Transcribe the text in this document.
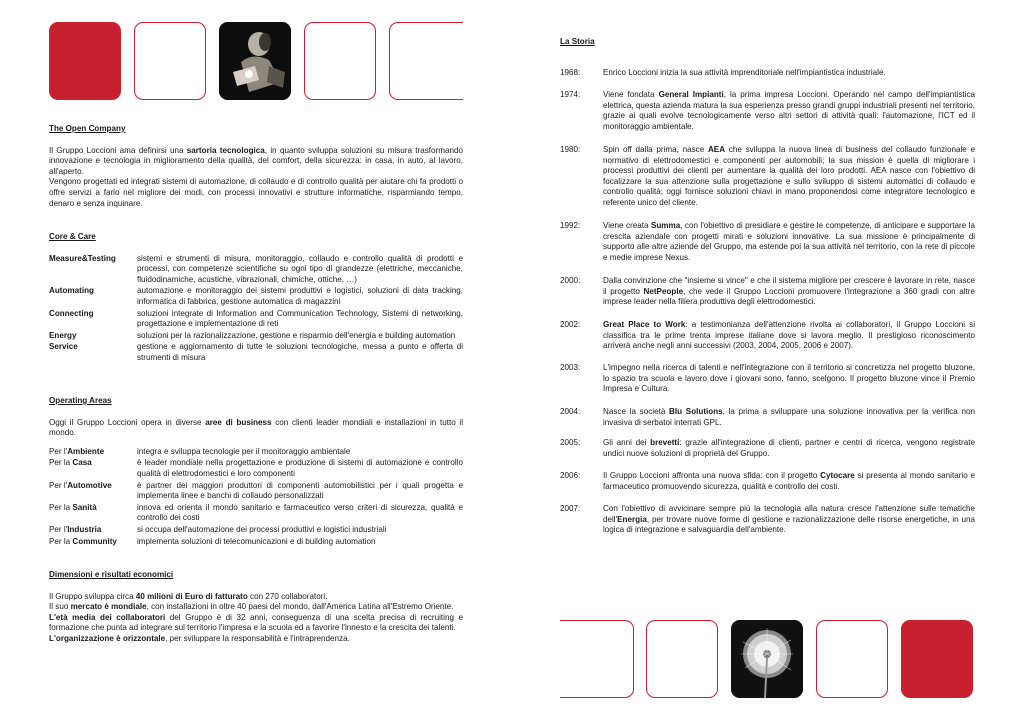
The Open Company

Il Gruppo Loccioni ama definirsi una sartoria tecnologica, in quanto sviluppa soluzioni su misura trasformando innovazione e tecnologia in miglioramento della qualità, del comfort, della sicurezza: in casa, in auto, al lavoro, all'aperto.

Vengono progettati ed integrati sistemi di automazione, di collaudo e di controllo qualità per aiutare chi fa prodotti o offre servizi a farlo nel migliore dei modi, con processi innovativi e strutture informatiche, risparmiando tempo, denaro e senza inquinare.

Core & Care
Measure&Testing	sistemi e strumenti di misura, monitoraggio, collaudo e controllo qualità di prodotti e processi, con competenze scientifiche su ogni tipo di grandezze (elettriche, meccaniche, fluidodinamiche, acustiche, vibrazionali, chimiche, ottiche, …)
Automating	automazione e monitoraggio dei sistemi produttivi e logistici, soluzioni di data tracking, informatica di fabbrica, gestione automatica di magazzini
Connecting	soluzioni integrate di Information and Communication Technology, Sistemi di networking, progettazione e implementazione di reti
Energy	soluzioni per la razionalizzazione, gestione e risparmio dell'energia e building automation
Service	gestione e aggiornamento di tutte le soluzioni tecnologiche, messa a punto e offerta di strumenti di misura
Operating Areas

Oggi il Gruppo Loccioni opera in diverse aree di business con clienti leader mondiali e installazioni in tutto il mondo.

Per l'Ambiente	integra e sviluppa tecnologie per il monitoraggio ambientale
Per la Casa	è leader mondiale nella progettazione e produzione di sistemi di automazione e controllo qualità di elettrodomestici e loro componenti
Per l'Automotive	è partner dei maggiori produttori di componenti automobilistici per i quali progetta e implementa linee e banchi di collaudo personalizzati
Per la Sanità	innova ed orienta il mondo sanitario e farmaceutico verso criteri di sicurezza, qualità e controllo dei costi
Per l'Industria	si occupa dell'automazione dei processi produttivi e logistici industriali
Per la Community	implementa soluzioni di telecomunicazioni e di building automation
Dimensioni e risultati economici

Il Gruppo sviluppa circa 40 milioni di Euro di fatturato con 270 collaboratori.

Il suo mercato è mondiale, con installazioni in oltre 40 paesi del mondo, dall'America Latina all'Estremo Oriente.

L'età media dei collaboratori del Gruppo è di 32 anni, conseguenza di una scelta precisa di recruiting e formazione che punta ad integrare sul territorio l'impresa e la scuola ed a favorire l'innesto e la crescita dei talenti.

L'organizzazione è orizzontale, per sviluppare la responsabilità e l'intraprendenza.

La Storia
1968:	Enrico Loccioni inizia la sua attività imprenditoriale nell'impiantistica industriale.
1974:	Viene fondata General Impianti, la prima impresa Loccioni. Operando nel campo dell'impiantistica elettrica, questa azienda matura la sua esperienza presso grandi gruppi industriali presenti nel territorio, grazie ai quali evolve tecnologicamente verso altri settori di attività quali: l'automazione, l'ICT ed il monitoraggio ambientale.
1980:	Spin off dalla prima, nasce AEA che sviluppa la nuova linea di business del collaudo funzionale e normativo di elettrodomestici e componenti per automobili; la sua mission è quella di migliorare i processi produttivi dei clienti per aumentare la qualità dei loro prodotti. AEA nasce con l'obiettivo di focalizzare la sua attenzione sulla progettazione e sullo sviluppo di sistemi automatici di collaudo e controllo qualità; oggi fornisce soluzioni chiavi in mano proponendosi come integratore tecnologico e referente unico del cliente.
1992:	Viene creata Summa, con l'obiettivo di presidiare e gestire le competenze, di anticipare e supportare la crescita aziendale con progetti mirati e soluzioni innovative. La sua missione è principalmente di supporto alle altre aziende del Gruppo, ma estende poi la sua attività nel territorio, con la rete di piccole e medie imprese Nexus.
2000:	Dalla convinzione che "insieme si vince" e che il sistema migliore per crescere è lavorare in rete, nasce il progetto NetPeople, che vede il Gruppo Loccioni promuovere l'integrazione a 360 gradi con altre imprese leader nella filiera produttiva degli elettrodomestici.
2002:	Great Place to Work: a testimonianza dell'attenzione rivolta ai collaboratori, il Gruppo Loccioni si classifica tra le prime trenta imprese italiane dove si lavora meglio. Il prestigioso riconoscimento arriverà anche negli anni successivi (2003, 2004, 2005, 2006 e 2007).
2003:	L'impegno nella ricerca di talenti e nell'integrazione con il territorio si concretizza nel progetto bluzone, lo spazio tra scuola e lavoro dove i giovani sono, fanno, scelgono. Il progetto bluzone vince il Premio Impresa e Cultura.
2004:	Nasce la società Blu Solutions, la prima a sviluppare una soluzione innovativa per la verifica non invasiva di serbatoi interrati GPL.
2005:	Gli anni dei brevetti: grazie all'integrazione di clienti, partner e centri di ricerca, vengono registrate undici nuove soluzioni di proprietà del Gruppo.
2006:	Il Gruppo Loccioni affronta una nuova sfida: con il progetto Cytocare si presenta al mondo sanitario e farmaceutico promuovendo sicurezza, qualità e controllo dei costi.
2007:	Con l'obiettivo di avvicinare sempre più la tecnologia alla natura cresce l'attenzione sulle tematiche dell'Energia, per trovare nuove forme di gestione e razionalizzazione delle risorse energetiche, in una logica di integrazione e salvaguardia dell'ambiente.
